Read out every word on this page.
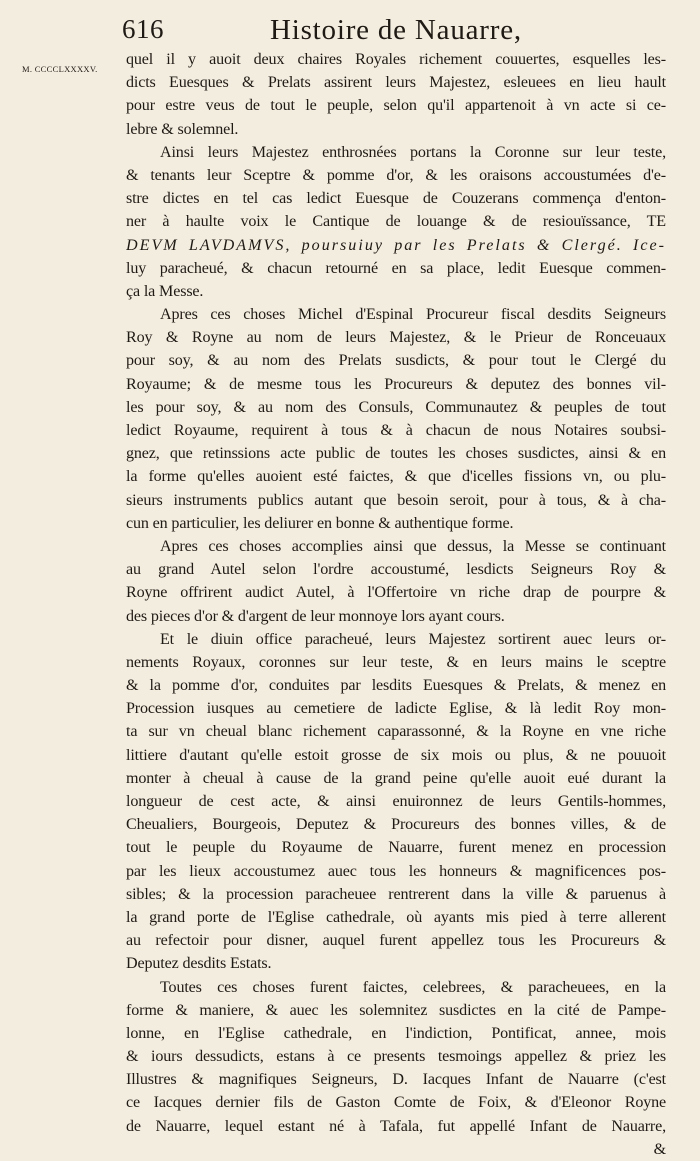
616	Histoire de Nauarre,
M. CCCCLXXXXV.
quel il y auoit deux chaires Royales richement couuertes, esquelles les-
dicts Euesques & Prelats assirent leurs Majestez, esleuees en lieu hault
pour estre veus de tout le peuple, selon qu'il appartenoit à vn acte si ce-
lebre & solemnel.
Ainsi leurs Majestez enthrosnées portans la Coronne sur leur teste,
& tenants leur Sceptre & pomme d'or, & les oraisons accoustumées d'e-
stre dictes en tel cas ledict Euesque de Couzerans commença d'enton-
ner à haulte voix le Cantique de louange & de resiouïssance, TE
DEVM LAVDAMVS, poursuiuy par les Prelats & Clergé. Ice-
luy paracheué, & chacun retourné en sa place, ledit Euesque commen-
ça la Messe.
Apres ces choses Michel d'Espinal Procureur fiscal desdits Seigneurs
Roy & Royne au nom de leurs Majestez, & le Prieur de Ronceuaux
pour soy, & au nom des Prelats susdicts, & pour tout le Clergé du
Royaume; & de mesme tous les Procureurs & deputez des bonnes vil-
les pour soy, & au nom des Consuls, Communautez & peuples de tout
ledict Royaume, requirent à tous & à chacun de nous Notaires soubsi-
gnez, que retinssions acte public de toutes les choses susdictes, ainsi & en
la forme qu'elles auoient esté faictes, & que d'icelles fissions vn, ou plu-
sieurs instruments publics autant que besoin seroit, pour à tous, & à cha-
cun en particulier, les deliurer en bonne & authentique forme.
Apres ces choses accomplies ainsi que dessus, la Messe se continuant
au grand Autel selon l'ordre accoustumé, lesdicts Seigneurs Roy &
Royne offrirent audict Autel, à l'Offertoire vn riche drap de pourpre &
des pieces d'or & d'argent de leur monnoye lors ayant cours.
Et le diuin office paracheué, leurs Majestez sortirent auec leurs or-
nements Royaux, coronnes sur leur teste, & en leurs mains le sceptre
& la pomme d'or, conduites par lesdits Euesques & Prelats, & menez en
Procession iusques au cemetiere de ladicte Eglise, & là ledit Roy mon-
ta sur vn cheual blanc richement caparassonné, & la Royne en vne riche
littiere d'autant qu'elle estoit grosse de six mois ou plus, & ne pouuoit
monter à cheual à cause de la grand peine qu'elle auoit eué durant la
longueur de cest acte, & ainsi enuironnez de leurs Gentils-hommes,
Cheualiers, Bourgeois, Deputez & Procureurs des bonnes villes, & de
tout le peuple du Royaume de Nauarre, furent menez en procession
par les lieux accoustumez auec tous les honneurs & magnificences pos-
sibles; & la procession paracheuee rentrerent dans la ville & paruenus à
la grand porte de l'Eglise cathedrale, où ayants mis pied à terre allerent
au refectoir pour disner, auquel furent appellez tous les Procureurs &
Deputez desdits Estats.
Toutes ces choses furent faictes, celebrees, & paracheuees, en la
forme & maniere, & auec les solemnitez susdictes en la cité de Pampe-
lonne, en l'Eglise cathedrale, en l'indiction, Pontificat, annee, mois
& iours dessudicts, estans à ce presents tesmoings appellez & priez les
Illustres & magnifiques Seigneurs, D. Iacques Infant de Nauarre (c'est
ce Iacques dernier fils de Gaston Comte de Foix, & d'Eleonor Royne
de Nauarre, lequel estant né à Tafala, fut appellé Infant de Nauarre,
&
